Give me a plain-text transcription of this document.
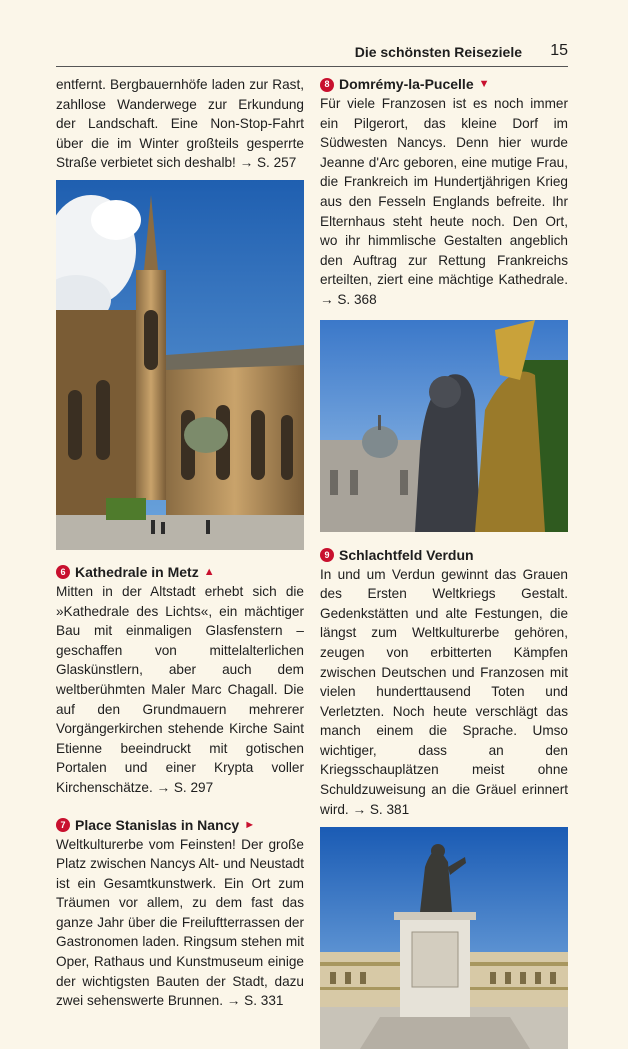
Die schönsten Reiseziele 15

entfernt. Bergbauernhöfe laden zur Rast, zahllose Wanderwege zur Erkundung der Landschaft. Eine Non-Stop-Fahrt über die im Winter großteils gesperrte Straße verbietet sich deshalb! → S. 257

6 Kathedrale in Metz ▲

Mitten in der Altstadt erhebt sich die »Kathedrale des Lichts«, ein mächtiger Bau mit einmaligen Glasfenstern – geschaffen von mittelalterlichen Glaskünstlern, aber auch dem weltberühmten Maler Marc Chagall. Die auf den Grundmauern mehrerer Vorgängerkirchen stehende Kirche Saint Etienne beeindruckt mit gotischen Portalen und einer Krypta voller Kirchenschätze. → S. 297

7 Place Stanislas in Nancy ►

Weltkulturerbe vom Feinsten! Der große Platz zwischen Nancys Alt- und Neustadt ist ein Gesamtkunstwerk. Ein Ort zum Träumen vor allem, zu dem fast das ganze Jahr über die Freiluftterrassen der Gastronomen laden. Ringsum stehen mit Oper, Rathaus und Kunstmuseum einige der wichtigsten Bauten der Stadt, dazu zwei sehenswerte Brunnen. → S. 331

8 Domrémy-la-Pucelle ▼

Für viele Franzosen ist es noch immer ein Pilgerort, das kleine Dorf im Südwesten Nancys. Denn hier wurde Jeanne d'Arc geboren, eine mutige Frau, die Frankreich im Hundertjährigen Krieg aus den Fesseln Englands befreite. Ihr Elternhaus steht heute noch. Den Ort, wo ihr himmlische Gestalten angeblich den Auftrag zur Rettung Frankreichs erteilten, ziert eine mächtige Kathedrale. → S. 368

9 Schlachtfeld Verdun

In und um Verdun gewinnt das Grauen des Ersten Weltkriegs Gestalt. Gedenkstätten und alte Festungen, die längst zum Weltkulturerbe gehören, zeugen von erbitterten Kämpfen zwischen Deutschen und Franzosen mit vielen hunderttausend Toten und Verletzten. Noch heute verschlägt das manch einem die Sprache. Umso wichtiger, dass an den Kriegsschauplätzen meist ohne Schuldzuweisung an die Gräuel erinnert wird. → S. 381
